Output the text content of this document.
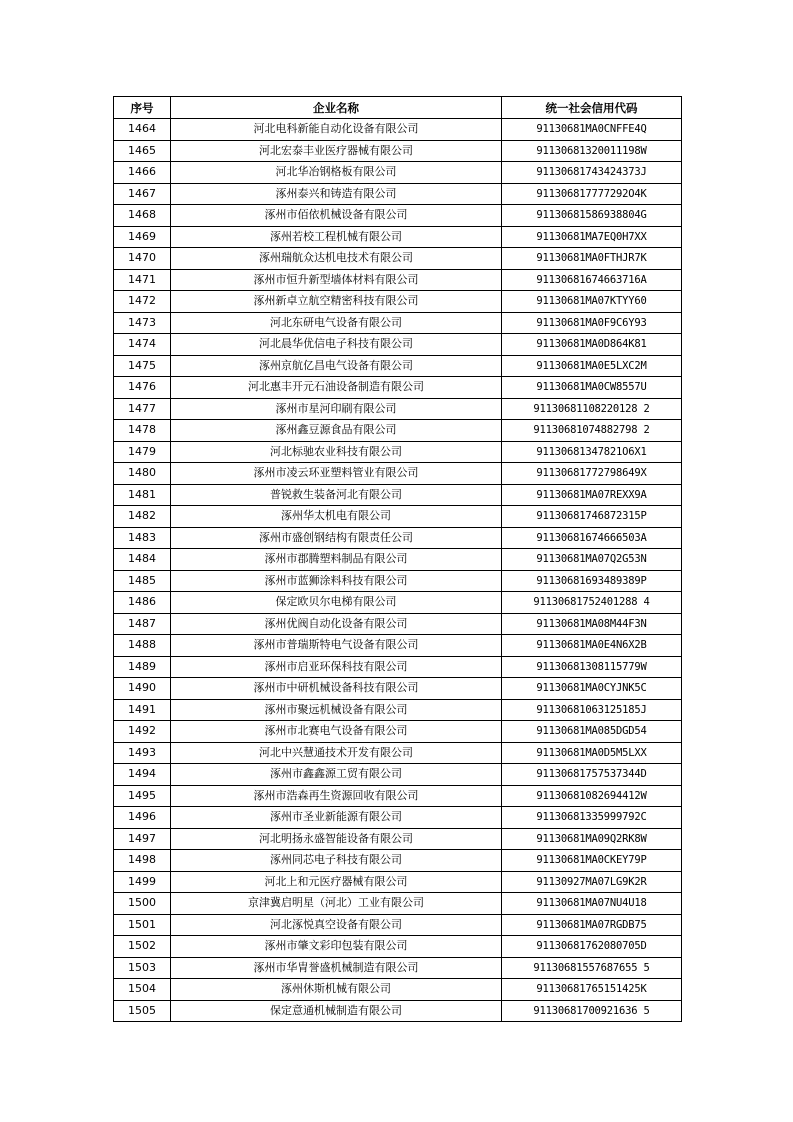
序号	企业名称	统一社会信用代码
1464	河北电科新能自动化设备有限公司	91130681MA0CNFFE4Q
1465	河北宏泰丰业医疗器械有限公司	91130681320011198W
1466	河北华冶钢格板有限公司	91130681743424373J
1467	涿州泰兴和铸造有限公司	911306817777292O4K
1468	涿州市佰依机械设备有限公司	91130681586938804G
1469	涿州若校工程机械有限公司	91130681MA7EQ0H7XX
1470	涿州瑞航众达机电技术有限公司	91130681MA0FTHJR7K
1471	涿州市恒升新型墙体材料有限公司	91130681674663716A
1472	涿州新卓立航空精密科技有限公司	91130681MA07KTYY60
1473	河北东研电气设备有限公司	91130681MA0F9C6Y93
1474	河北晨华优信电子科技有限公司	91130681MA0D864K81
1475	涿州京航亿昌电气设备有限公司	91130681MA0E5LXC2M
1476	河北惠丰开元石油设备制造有限公司	91130681MA0CW8557U
1477	涿州市星河印刷有限公司	91130681108220128 2
1478	涿州鑫豆源食品有限公司	91130681074882798 2
1479	河北标驰农业科技有限公司	91130681347821O6X1
1480	涿州市凌云环亚塑料管业有限公司	91130681772798649X
1481	普锐救生装备河北有限公司	91130681MA07REXX9A
1482	涿州华太机电有限公司	91130681746872315P
1483	涿州市盛创钢结构有限责任公司	91130681674666503A
1484	涿州市郡腾塑料制品有限公司	91130681MA07Q2G53N
1485	涿州市蓝狮涂料科技有限公司	91130681693489389P
1486	保定欧贝尔电梯有限公司	91130681752401288 4
1487	涿州优阀自动化设备有限公司	91130681MA08M44F3N
1488	涿州市普瑞斯特电气设备有限公司	91130681MA0E4N6X2B
1489	涿州市启亚环保科技有限公司	91130681308115779W
1490	涿州市中研机械设备科技有限公司	91130681MA0CYJNK5C
1491	涿州市聚远机械设备有限公司	91130681063125185J
1492	涿州市北赛电气设备有限公司	91130681MA085DGD54
1493	河北中兴慧通技术开发有限公司	91130681MA0D5M5LXX
1494	涿州市鑫鑫源工贸有限公司	91130681757537344D
1495	涿州市浩森再生资源回收有限公司	91130681082694412W
1496	涿州市圣业新能源有限公司	91130681335999792C
1497	河北明扬永盛智能设备有限公司	91130681MA09Q2RK8W
1498	涿州同芯电子科技有限公司	91130681MA0CKEY79P
1499	河北上和元医疗器械有限公司	91130927MA07LG9K2R
1500	京津冀启明星（河北）工业有限公司	91130681MA07NU4U18
1501	河北涿悦真空设备有限公司	91130681MA07RGDB75
1502	涿州市肇文彩印包装有限公司	91130681762080705D
1503	涿州市华胄誉盛机械制造有限公司	91130681557687655 5
1504	涿州休斯机械有限公司	91130681765151425K
1505	保定意通机械制造有限公司	91130681700921636 5
